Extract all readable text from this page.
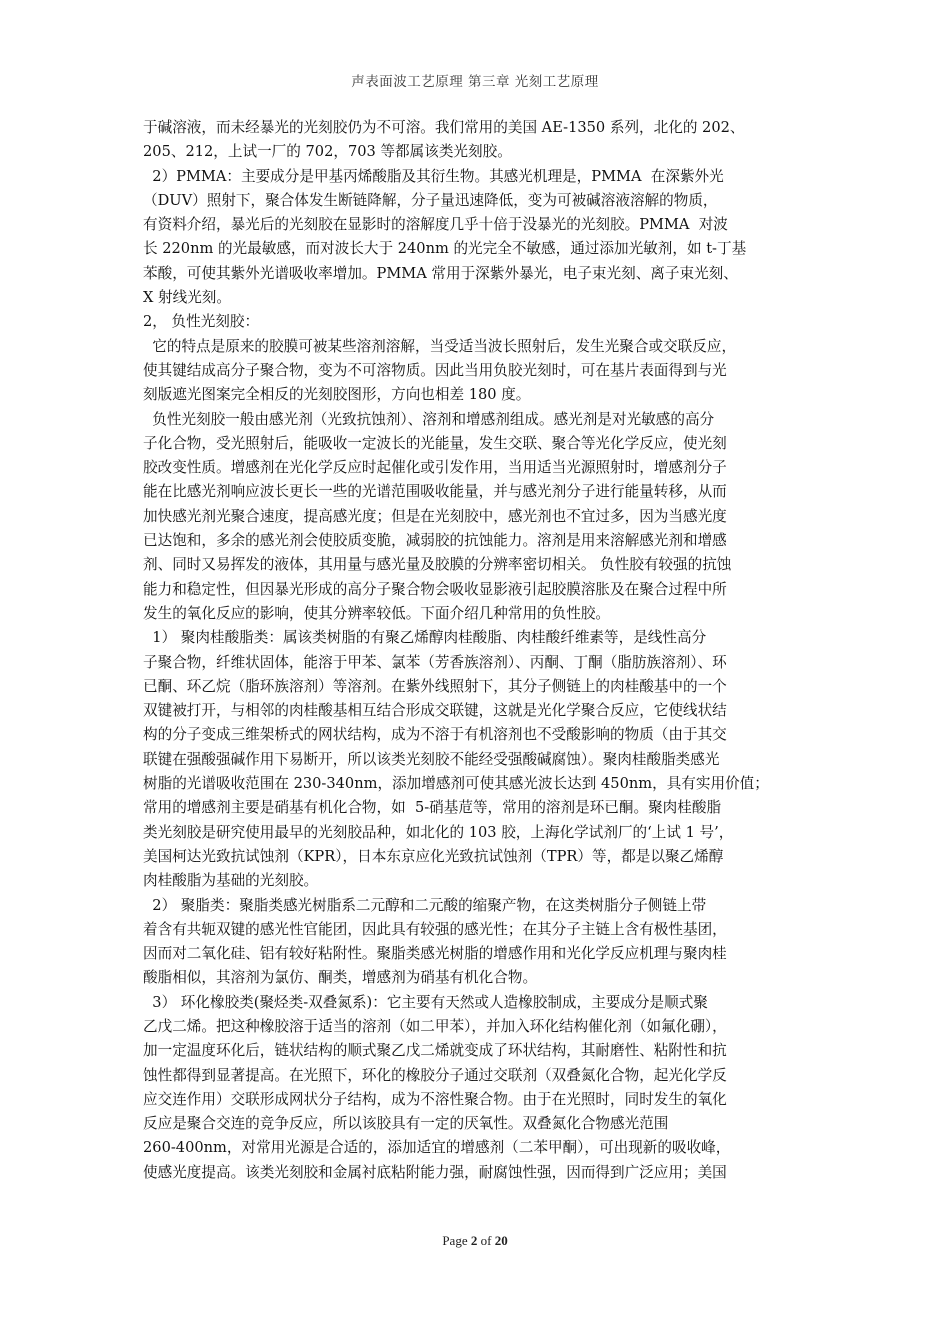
声表面波工艺原理 第三章 光刻工艺原理
于碱溶液，而未经暴光的光刻胶仍为不可溶。我们常用的美国 AE-1350 系列，北化的 202、
205、212，上试一厂的 702，703 等都属该类光刻胶。
2）PMMA：主要成分是甲基丙烯酸脂及其衍生物。其感光机理是，PMMA  在深紫外光
（DUV）照射下，聚合体发生断链降解，分子量迅速降低，变为可被碱溶液溶解的物质，
有资料介绍，暴光后的光刻胶在显影时的溶解度几乎十倍于没暴光的光刻胶。PMMA  对波
长 220nm 的光最敏感，而对波长大于 240nm 的光完全不敏感，通过添加光敏剂，如 t-丁基
苯酸，可使其紫外光谱吸收率增加。PMMA 常用于深紫外暴光，电子束光刻、离子束光刻、
X 射线光刻。
2， 负性光刻胶：
它的特点是原来的胶膜可被某些溶剂溶解，当受适当波长照射后，发生光聚合或交联反应，
使其键结成高分子聚合物，变为不可溶物质。因此当用负胶光刻时，可在基片表面得到与光
刻版遮光图案完全相反的光刻胶图形，方向也相差 180 度。
负性光刻胶一般由感光剂（光致抗蚀剂）、溶剂和增感剂组成。感光剂是对光敏感的高分
子化合物，受光照射后，能吸收一定波长的光能量，发生交联、聚合等光化学反应，使光刻
胶改变性质。增感剂在光化学反应时起催化或引发作用，当用适当光源照射时，增感剂分子
能在比感光剂响应波长更长一些的光谱范围吸收能量，并与感光剂分子进行能量转移，从而
加快感光剂光聚合速度，提高感光度；但是在光刻胶中，感光剂也不宜过多，因为当感光度
已达饱和，多余的感光剂会使胶质变脆，减弱胶的抗蚀能力。溶剂是用来溶解感光剂和增感
剂、同时又易挥发的液体，其用量与感光量及胶膜的分辨率密切相关。 负性胶有较强的抗蚀
能力和稳定性，但因暴光形成的高分子聚合物会吸收显影液引起胶膜溶胀及在聚合过程中所
发生的氧化反应的影响，使其分辨率较低。下面介绍几种常用的负性胶。
1） 聚肉桂酸脂类：属该类树脂的有聚乙烯醇肉桂酸脂、肉桂酸纤维素等，是线性高分
子聚合物，纤维状固体，能溶于甲苯、氯苯（芳香族溶剂）、丙酮、丁酮（脂肪族溶剂）、环
已酮、环乙烷（脂环族溶剂）等溶剂。在紫外线照射下，其分子侧链上的肉桂酸基中的一个
双键被打开，与相邻的肉桂酸基相互结合形成交联键，这就是光化学聚合反应，它使线状结
构的分子变成三维架桥式的网状结构，成为不溶于有机溶剂也不受酸影响的物质（由于其交
联键在强酸强碱作用下易断开，所以该类光刻胶不能经受强酸碱腐蚀）。聚肉桂酸脂类感光
树脂的光谱吸收范围在 230-340nm，添加增感剂可使其感光波长达到 450nm，具有实用价值；
常用的增感剂主要是硝基有机化合物，如  5-硝基苊等，常用的溶剂是环已酮。聚肉桂酸脂
类光刻胶是研究使用最早的光刻胶品种，如北化的 103 胶，上海化学试剂厂的‘上试 1 号’，
美国柯达光致抗试蚀剂（KPR），日本东京应化光致抗试蚀剂（TPR）等，都是以聚乙烯醇
肉桂酸脂为基础的光刻胶。
2） 聚脂类：聚脂类感光树脂系二元醇和二元酸的缩聚产物，在这类树脂分子侧链上带
着含有共轭双键的感光性官能团，因此具有较强的感光性；在其分子主链上含有极性基团，
因而对二氧化硅、铝有较好粘附性。聚脂类感光树脂的增感作用和光化学反应机理与聚肉桂
酸脂相似，其溶剂为氯仿、酮类，增感剂为硝基有机化合物。
3） 环化橡胶类(聚烃类-双叠氮系)：它主要有天然或人造橡胶制成，主要成分是顺式聚
乙戊二烯。把这种橡胶溶于适当的溶剂（如二甲苯），并加入环化结构催化剂（如氟化硼），
加一定温度环化后，链状结构的顺式聚乙戊二烯就变成了环状结构，其耐磨性、粘附性和抗
蚀性都得到显著提高。在光照下，环化的橡胶分子通过交联剂（双叠氮化合物，起光化学反
应交连作用）交联形成网状分子结构，成为不溶性聚合物。由于在光照时，同时发生的氧化
反应是聚合交连的竞争反应，所以该胶具有一定的厌氧性。双叠氮化合物感光范围
260-400nm，对常用光源是合适的，添加适宜的增感剂（二苯甲酮），可出现新的吸收峰，
使感光度提高。该类光刻胶和金属衬底粘附能力强，耐腐蚀性强，因而得到广泛应用；美国
Page 2 of 20
